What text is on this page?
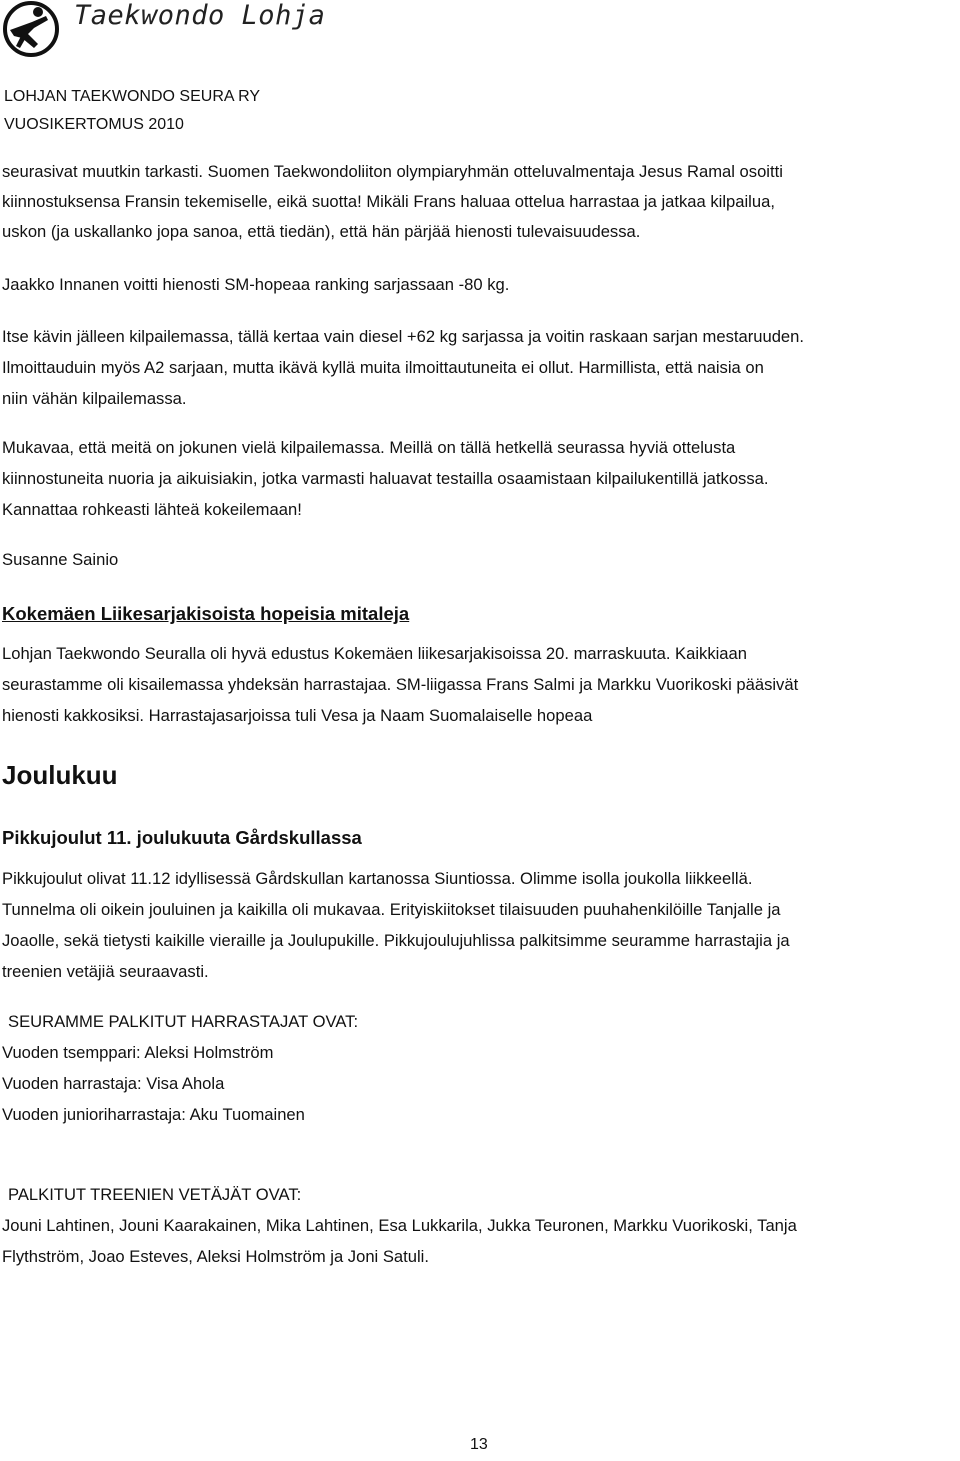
Taekwondo Lohja
LOHJAN TAEKWONDO SEURA RY
VUOSIKERTOMUS 2010
seurasivat muutkin tarkasti. Suomen Taekwondoliiton olympiaryhmän otteluvalmentaja Jesus Ramal osoitti
kiinnostuksensa Fransin tekemiselle, eikä suotta! Mikäli Frans haluaa ottelua harrastaa ja jatkaa kilpailua,
uskon (ja uskallanko jopa sanoa, että tiedän), että hän pärjää hienosti tulevaisuudessa.
Jaakko Innanen voitti hienosti SM-hopeaa ranking sarjassaan -80 kg.
Itse kävin jälleen kilpailemassa, tällä kertaa vain diesel +62 kg sarjassa ja voitin raskaan sarjan mestaruuden.
Ilmoittauduin myös A2 sarjaan, mutta ikävä kyllä muita ilmoittautuneita ei ollut. Harmillista, että naisia on
niin vähän kilpailemassa.
Mukavaa, että meitä on jokunen vielä kilpailemassa. Meillä on tällä hetkellä seurassa hyviä ottelusta
kiinnostuneita nuoria ja aikuisiakin, jotka varmasti haluavat testailla osaamistaan kilpailukentillä jatkossa.
Kannattaa rohkeasti lähteä kokeilemaan!
Susanne Sainio
Kokemäen Liikesarjakisoista hopeisia mitaleja
Lohjan Taekwondo Seuralla oli hyvä edustus Kokemäen liikesarjakisoissa 20. marraskuuta. Kaikkiaan
seurastamme oli kisailemassa yhdeksän harrastajaa. SM-liigassa Frans Salmi ja Markku Vuorikoski pääsivät
hienosti kakkosiksi. Harrastajasarjoissa tuli Vesa ja Naam Suomalaiselle hopeaa
Joulukuu
Pikkujoulut 11. joulukuuta Gårdskullassa
Pikkujoulut olivat 11.12 idyllisessä Gårdskullan kartanossa Siuntiossa. Olimme isolla joukolla liikkeellä.
Tunnelma oli oikein jouluinen ja kaikilla oli mukavaa. Erityiskiitokset tilaisuuden puuhahenkilöille Tanjalle ja
Joaolle, sekä tietysti kaikille vieraille ja Joulupukille. Pikkujoulujuhlissa palkitsimme seuramme harrastajia ja
treenien vetäjiä seuraavasti.
SEURAMME PALKITUT HARRASTAJAT OVAT:
Vuoden tsemppari: Aleksi Holmström
Vuoden harrastaja: Visa Ahola
Vuoden junioriharrastaja: Aku Tuomainen
PALKITUT TREENIEN VETÄJÄT OVAT:
Jouni Lahtinen, Jouni Kaarakainen, Mika Lahtinen, Esa Lukkarila, Jukka Teuronen, Markku Vuorikoski, Tanja
Flythström, Joao Esteves, Aleksi Holmström ja Joni Satuli.
13
